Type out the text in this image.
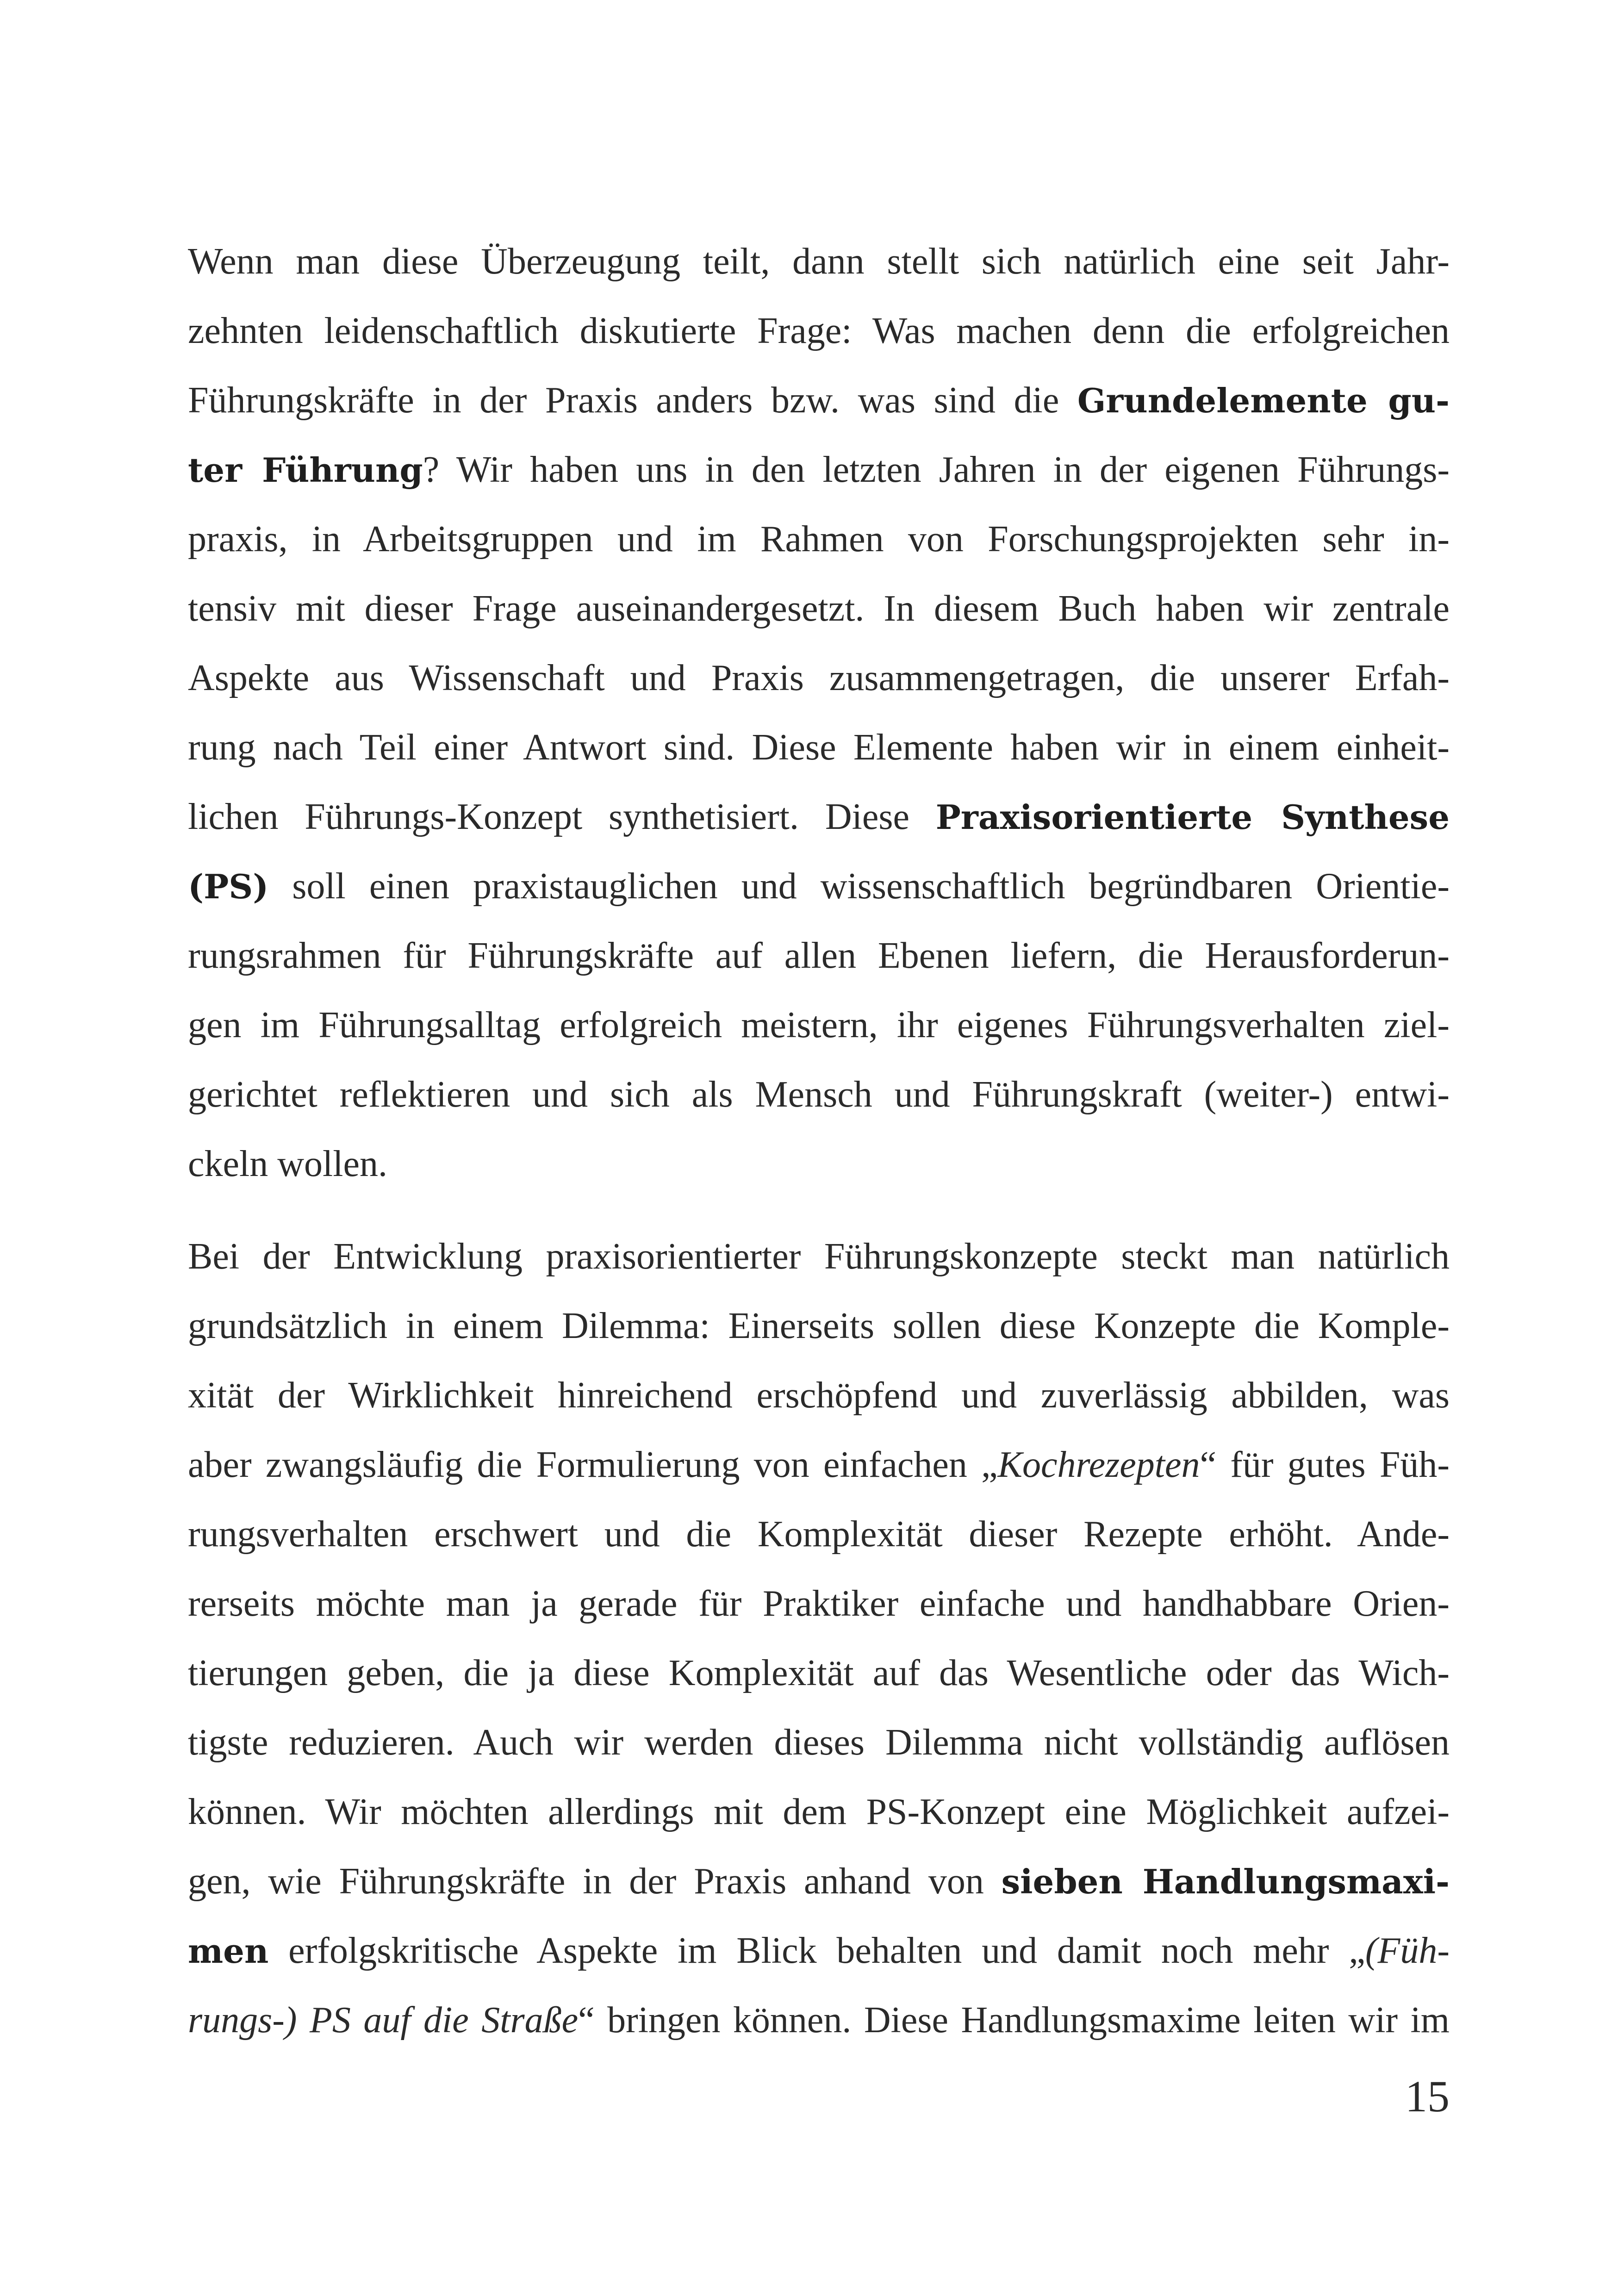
Wenn man diese Überzeugung teilt, dann stellt sich natürlich eine seit Jahr-
zehnten leidenschaftlich diskutierte Frage: Was machen denn die erfolgreichen
Führungskräfte in der Praxis anders bzw. was sind die Grundelemente gu-
ter Führung? Wir haben uns in den letzten Jahren in der eigenen Führungs-
praxis, in Arbeitsgruppen und im Rahmen von Forschungsprojekten sehr in-
tensiv mit dieser Frage auseinandergesetzt. In diesem Buch haben wir zentrale
Aspekte aus Wissenschaft und Praxis zusammengetragen, die unserer Erfah-
rung nach Teil einer Antwort sind. Diese Elemente haben wir in einem einheit-
lichen Führungs-Konzept synthetisiert. Diese Praxisorientierte Synthese
(PS) soll einen praxistauglichen und wissenschaftlich begründbaren Orientie-
rungsrahmen für Führungskräfte auf allen Ebenen liefern, die Herausforderun-
gen im Führungsalltag erfolgreich meistern, ihr eigenes Führungsverhalten ziel-
gerichtet reflektieren und sich als Mensch und Führungskraft (weiter-) entwi-
ckeln wollen.
Bei der Entwicklung praxisorientierter Führungskonzepte steckt man natürlich
grundsätzlich in einem Dilemma: Einerseits sollen diese Konzepte die Komple-
xität der Wirklichkeit hinreichend erschöpfend und zuverlässig abbilden, was
aber zwangsläufig die Formulierung von einfachen „Kochrezepten“ für gutes Füh-
rungsverhalten erschwert und die Komplexität dieser Rezepte erhöht. Ande-
rerseits möchte man ja gerade für Praktiker einfache und handhabbare Orien-
tierungen geben, die ja diese Komplexität auf das Wesentliche oder das Wich-
tigste reduzieren. Auch wir werden dieses Dilemma nicht vollständig auflösen
können. Wir möchten allerdings mit dem PS-Konzept eine Möglichkeit aufzei-
gen, wie Führungskräfte in der Praxis anhand von sieben Handlungsmaxi-
men erfolgskritische Aspekte im Blick behalten und damit noch mehr „(Füh-
rungs-) PS auf die Straße“ bringen können. Diese Handlungsmaxime leiten wir im
15
